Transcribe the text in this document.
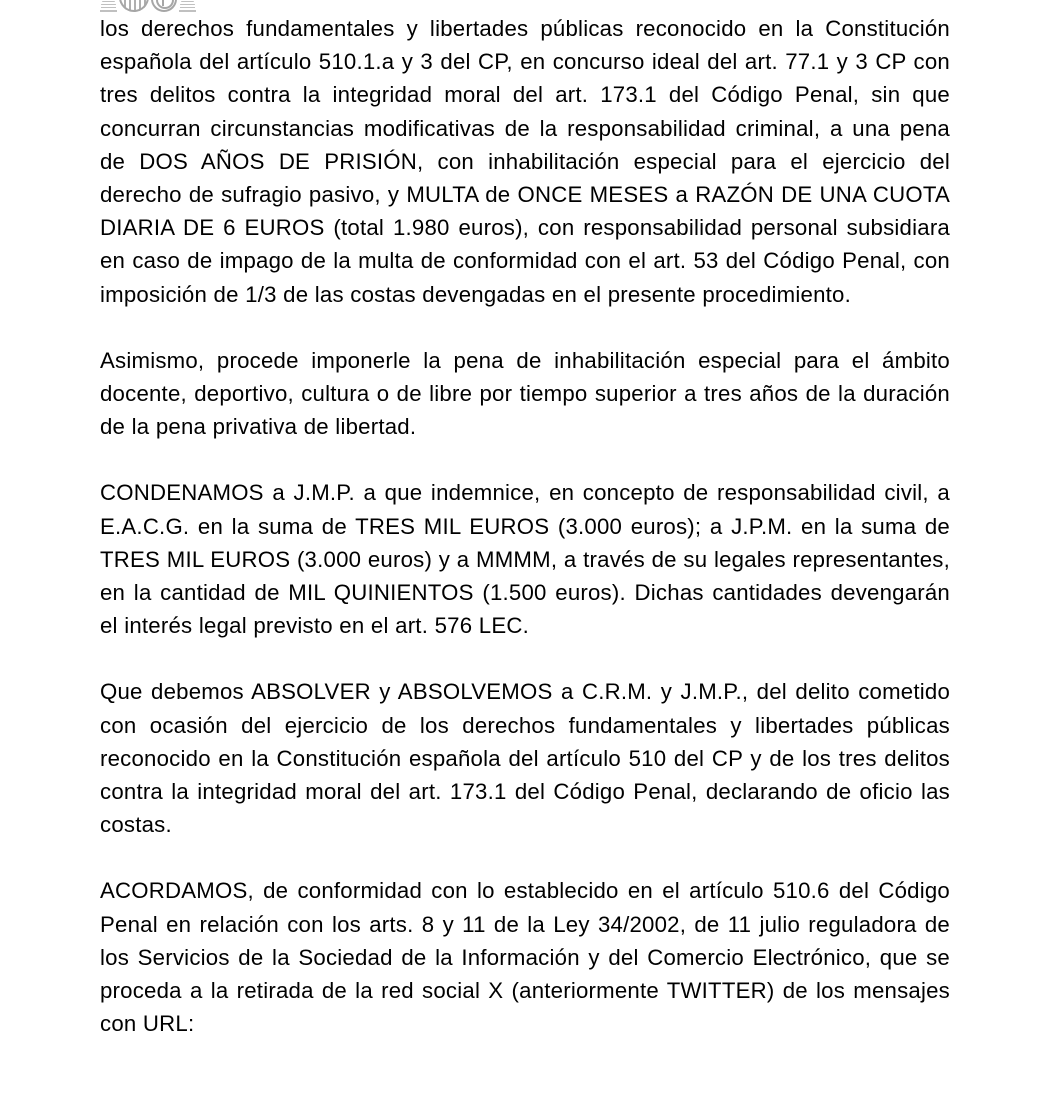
los derechos fundamentales y libertades públicas reconocido en la Constitución española del artículo 510.1.a y 3 del CP, en concurso ideal del art. 77.1 y 3 CP con tres delitos contra la integridad moral del art. 173.1 del Código Penal, sin que concurran circunstancias modificativas de la responsabilidad criminal, a una pena de DOS AÑOS DE PRISIÓN, con inhabilitación especial para el ejercicio del derecho de sufragio pasivo, y MULTA de ONCE MESES a RAZÓN DE UNA CUOTA DIARIA DE 6 EUROS (total 1.980 euros), con responsabilidad personal subsidiara en caso de impago de la multa de conformidad con el art. 53 del Código Penal, con imposición de 1/3 de las costas devengadas en el presente procedimiento.

Asimismo, procede imponerle la pena de inhabilitación especial para el ámbito docente, deportivo, cultura o de libre por tiempo superior a tres años de la duración de la pena privativa de libertad.

CONDENAMOS a J.M.P. a que indemnice, en concepto de responsabilidad civil, a E.A.C.G. en la suma de TRES MIL EUROS (3.000 euros); a J.P.M. en la suma de TRES MIL EUROS (3.000 euros) y a MMMM, a través de su legales representantes, en la cantidad de MIL QUINIENTOS (1.500 euros). Dichas cantidades devengarán el interés legal previsto en el art. 576 LEC.

Que debemos ABSOLVER y ABSOLVEMOS a C.R.M. y J.M.P., del delito cometido con ocasión del ejercicio de los derechos fundamentales y libertades públicas reconocido en la Constitución española del artículo 510 del CP y de los tres delitos contra la integridad moral del art. 173.1 del Código Penal, declarando de oficio las costas.

ACORDAMOS, de conformidad con lo establecido en el artículo 510.6 del Código Penal en relación con los arts. 8 y 11 de la Ley 34/2002, de 11 julio reguladora de los Servicios de la Sociedad de la Información y del Comercio Electrónico, que se proceda a la retirada de la red social X (anteriormente TWITTER) de los mensajes con URL:
